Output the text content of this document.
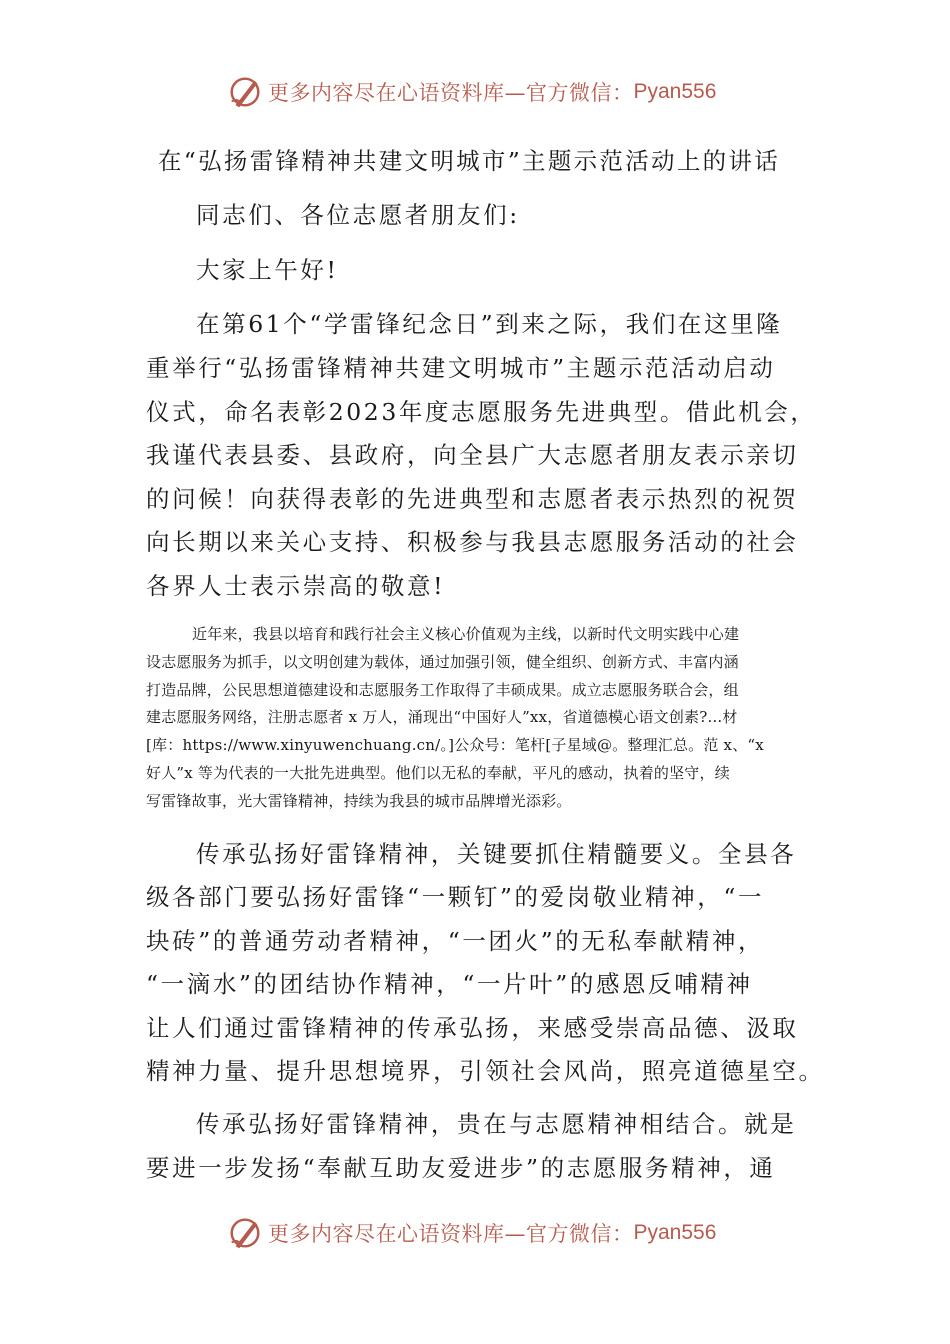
更多内容尽在心语资料库—官方微信： Pyan556
在“弘扬雷锋精神共建文明城市”主题示范活动上的讲话
同志们、各位志愿者朋友们:
大家上午好!
在第61个“学雷锋纪念日”到来之际，我们在这里隆
重举行“弘扬雷锋精神共建文明城市”主题示范活动启动
仪式，命名表彰2023年度志愿服务先进典型。借此机会，
我谨代表县委、县政府，向全县广大志愿者朋友表示亲切
的问候！向获得表彰的先进典型和志愿者表示热烈的祝贺
向长期以来关心支持、积极参与我县志愿服务活动的社会
各界人士表示崇高的敬意!
近年来，我县以培育和践行社会主义核心价值观为主线，以新时代文明实践中心建
设志愿服务为抓手，以文明创建为载体，通过加强引领，健全组织、创新方式、丰富内涵
打造品牌，公民思想道德建设和志愿服务工作取得了丰硕成果。成立志愿服务联合会，组
建志愿服务网络，注册志愿者 x 万人，涌现出“中国好人”xx，省道德模心语文创素?...材
[库：https://www.xinyuwenchuang.cn/。]公众号：笔杆[子星域@。整理汇总。范 x、“x
好人”x 等为代表的一大批先进典型。他们以无私的奉献，平凡的感动，执着的坚守，续
写雷锋故事，光大雷锋精神，持续为我县的城市品牌增光添彩。
传承弘扬好雷锋精神，关键要抓住精髓要义。全县各
级各部门要弘扬好雷锋“一颗钉”的爱岗敬业精神，“一
块砖”的普通劳动者精神，“一团火”的无私奉献精神，
“一滴水”的团结协作精神，“一片叶”的感恩反哺精神
让人们通过雷锋精神的传承弘扬，来感受崇高品德、汲取
精神力量、提升思想境界，引领社会风尚，照亮道德星空。
传承弘扬好雷锋精神，贵在与志愿精神相结合。就是
要进一步发扬“奉献互助友爱进步”的志愿服务精神，通
更多内容尽在心语资料库—官方微信： Pyan556
